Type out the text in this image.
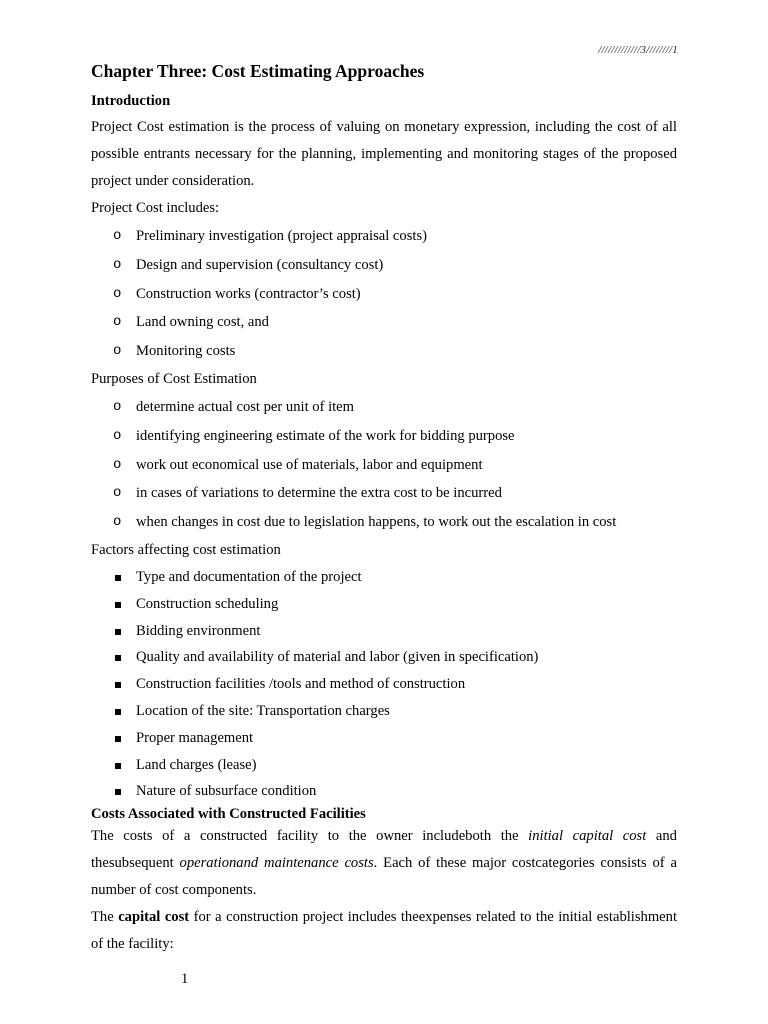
/////////////3////////1
Chapter Three: Cost Estimating Approaches
Introduction

Project Cost estimation is the process of valuing on monetary expression, including the cost of all possible entrants necessary for the planning, implementing and monitoring stages of the proposed project under consideration.

Project Cost includes:
o Preliminary investigation (project appraisal costs)
o Design and supervision (consultancy cost)
o Construction works (contractor’s cost)
o Land owning cost, and
o Monitoring costs
Purposes of Cost Estimation
o determine actual cost per unit of item
o identifying engineering estimate of the work for bidding purpose
o work out economical use of materials, labor and equipment
o in cases of variations to determine the extra cost to be incurred
o when changes in cost due to legislation happens, to work out the escalation in cost
Factors affecting cost estimation
Type and documentation of the project
Construction scheduling
Bidding environment
Quality and availability of material and labor (given in specification)
Construction facilities /tools and method of construction
Location of the site: Transportation charges
Proper management
Land charges (lease)
Nature of subsurface condition
Costs Associated with Constructed Facilities

The costs of a constructed facility to the owner includeboth the initial capital cost and thesubsequent operationand maintenance costs. Each of these major costcategories consists of a number of cost components.

The capital cost for a construction project includes theexpenses related to the initial establishment of the facility:

1
